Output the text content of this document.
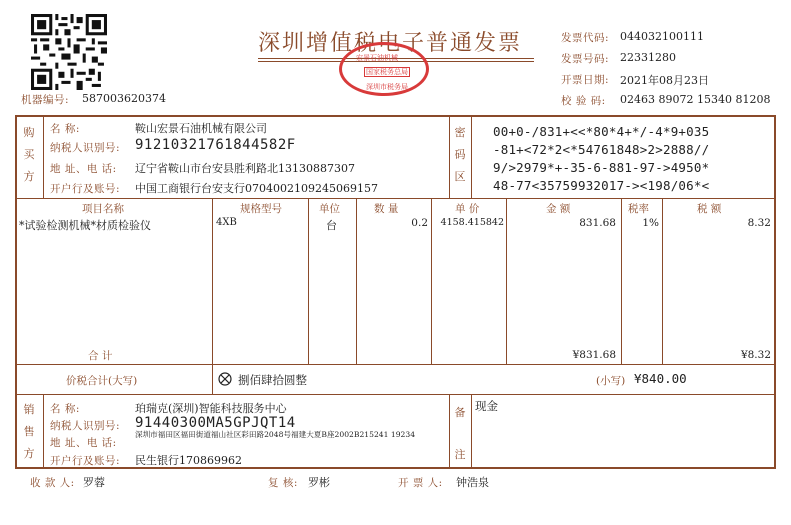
机器编号: 587003620374
深圳增值税电子普通发票
宏景石油机械
国家税务总局
深圳市税务局
发票代码: 044032100111
发票号码: 22331280
开票日期: 2021年08月23日
校 验 码: 02463 89072 15340 81208
购
买
方
名 称:	鞍山宏景石油机械有限公司
纳税人识别号: 91210321761844582F
地 址、电 话: 辽宁省鞍山市台安县胜利路北13130887307
开户行及账号: 中国工商银行台安支行0704002109245069157
密
码
区
00+0-/831+<<*80*4+*/-4*9+035
-81+<72*2<*54761848>2>2888//
9/>2979*+-35-6-881-97->4950*
48-77<35759932017-><198/06*<
项目名称	规格型号	单位	数 量	单 价	金 额	税率	税 额
*试验检测机械*材质检验仪	4XB	台	0.2	4158.415842	831.68	1%	8.32
合 计	¥831.68	¥8.32
价税合计(大写)	捌佰肆拾圆整	(小写) ¥840.00
销
售
方
名 称:	珀瑞克(深圳)智能科技服务中心
纳税人识别号: 91440300MA5GPJQT14
地 址、电 话:
深圳市福田区福田街道福山社区彩田路2048号福建大夏B座2002B215241 19234
开户行及账号: 民生银行170869962
备
注
现金
收 款 人: 罗蓉	复 核: 罗彬	开 票 人: 钟浩泉
